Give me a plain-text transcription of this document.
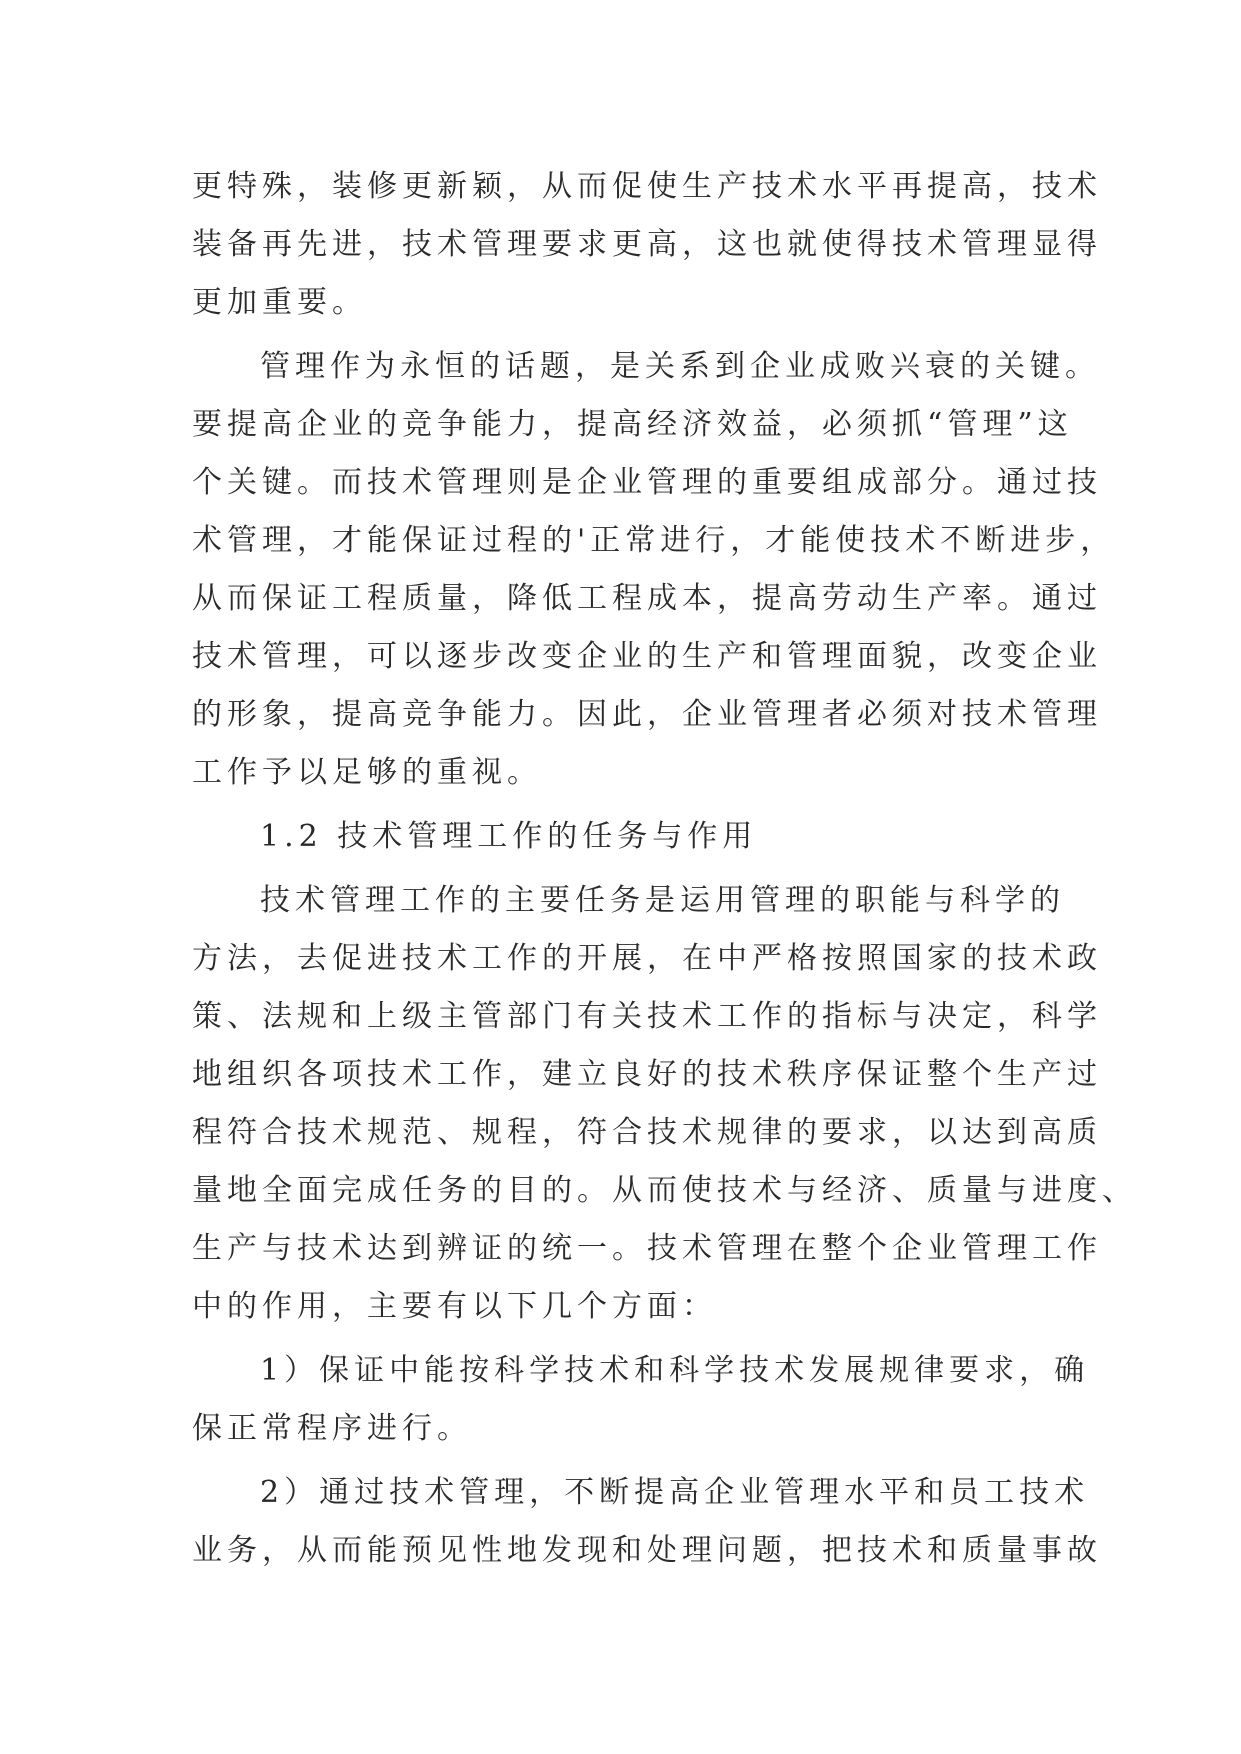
更特殊，装修更新颖，从而促使生产技术水平再提高，技术
装备再先进，技术管理要求更高，这也就使得技术管理显得
更加重要。
管理作为永恒的话题，是关系到企业成败兴衰的关键。
要提高企业的竞争能力，提高经济效益，必须抓“管理”这
个关键。而技术管理则是企业管理的重要组成部分。通过技
术管理，才能保证过程的'正常进行，才能使技术不断进步，
从而保证工程质量，降低工程成本，提高劳动生产率。通过
技术管理，可以逐步改变企业的生产和管理面貌，改变企业
的形象，提高竞争能力。因此，企业管理者必须对技术管理
工作予以足够的重视。
1.2 技术管理工作的任务与作用
技术管理工作的主要任务是运用管理的职能与科学的
方法，去促进技术工作的开展，在中严格按照国家的技术政
策、法规和上级主管部门有关技术工作的指标与决定，科学
地组织各项技术工作，建立良好的技术秩序保证整个生产过
程符合技术规范、规程，符合技术规律的要求，以达到高质
量地全面完成任务的目的。从而使技术与经济、质量与进度、
生产与技术达到辨证的统一。技术管理在整个企业管理工作
中的作用，主要有以下几个方面：
1）保证中能按科学技术和科学技术发展规律要求，确
保正常程序进行。
2）通过技术管理，不断提高企业管理水平和员工技术
业务，从而能预见性地发现和处理问题，把技术和质量事故
